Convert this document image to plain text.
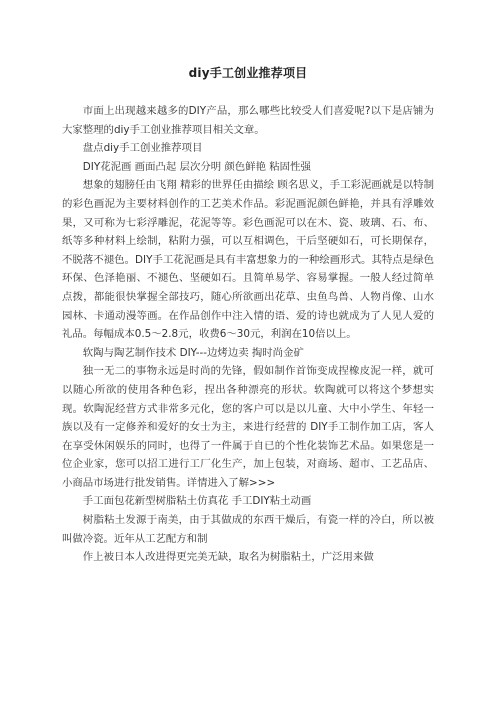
diy手工创业推荐项目

市面上出现越来越多的DIY产品，那么哪些比较受人们喜爱呢?以下是店铺为大家整理的diy手工创业推荐项目相关文章。

盘点diy手工创业推荐项目

DIY花泥画 画面凸起 层次分明 颜色鲜艳 粘固性强

想象的翅膀任由飞翔 精彩的世界任由描绘 顾名思义，手工彩泥画就是以特制的彩色画泥为主要材料创作的工艺美术作品。彩泥画泥颜色鲜艳，并具有浮雕效果，又可称为七彩浮雕泥，花泥等等。彩色画泥可以在木、瓷、玻璃、石、布、纸等多种材料上绘制，粘附力强，可以互相调色，干后坚硬如石，可长期保存，不脱落不褪色。DIY手工花泥画是具有丰富想象力的一种绘画形式。其特点是绿色环保、色泽艳丽、不褪色、坚硬如石。且简单易学、容易掌握。一般人经过简单点拨，都能很快掌握全部技巧，随心所欲画出花草、虫鱼鸟兽、人物肖像、山水园林、卡通动漫等画。在作品创作中注入情的语、爱的诗也就成为了人见人爱的礼品。每幅成本0.5～2.8元，收费6～30元，利润在10倍以上。

软陶与陶艺制作技术 DIY---边烤边卖 掏时尚金矿

独一无二的事物永远是时尚的先锋，假如制作首饰变成捏橡皮泥一样，就可以随心所欲的使用各种色彩，捏出各种漂亮的形状。软陶就可以将这个梦想实现。软陶泥经营方式非常多元化，您的客户可以是以儿童、大中小学生、年轻一族以及有一定修养和爱好的女士为主，来进行经营的 DIY手工制作加工店，客人在享受休闲娱乐的同时，也得了一件属于自已的个性化装饰艺术品。如果您是一位企业家，您可以招工进行工厂化生产，加上包装，对商场、超市、工艺品店、小商品市场进行批发销售。详情进入了解>>>

手工面包花新型树脂粘土仿真花 手工DIY粘土动画

树脂粘土发源于南美，由于其做成的东西干燥后，有瓷一样的冷白，所以被叫做冷瓷。近年从工艺配方和制

作上被日本人改进得更完美无缺，取名为树脂粘土，广泛用来做
